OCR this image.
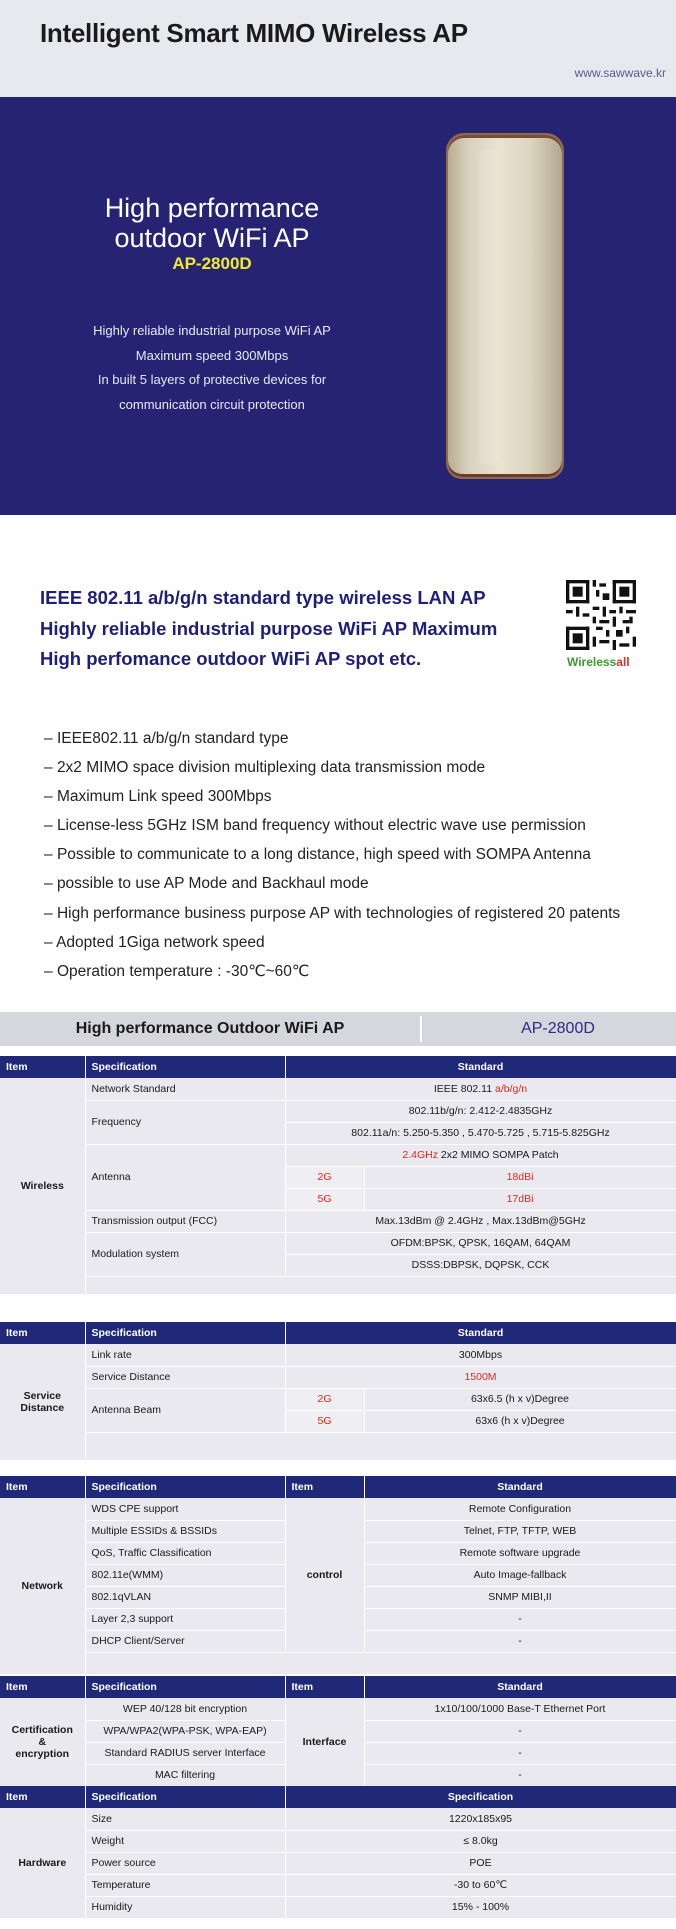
Intelligent Smart MIMO Wireless AP
www.sawwave.kr
High performance
outdoor WiFi AP
AP-2800D
Highly reliable industrial purpose WiFi AP
Maximum speed 300Mbps
In built 5 layers of protective devices for
communication circuit protection
IEEE 802.11 a/b/g/n standard type wireless LAN AP
Highly reliable industrial purpose WiFi AP Maximum
High perfomance outdoor WiFi AP spot etc.	Wirelessall
– IEEE802.11 a/b/g/n standard type
– 2x2 MIMO space division multiplexing data transmission mode
– Maximum Link speed 300Mbps
– License-less 5GHz ISM band frequency without electric wave use permission
– Possible to communicate to a long distance, high speed with SOMPA Antenna
– possible to use AP Mode and Backhaul mode
– High performance business purpose AP with technologies of registered 20 patents
– Adopted 1Giga network speed
– Operation temperature : -30℃~60℃
High performance Outdoor WiFi AP	AP-2800D
Item	Specification	Standard	
Wireless	Network Standard	IEEE 802.11 a/b/g/n	
	Frequency	802.11b/g/n: 2.412-2.4835GHz	
		802.11a/n: 5.250-5.350 , 5.470-5.725 , 5.715-5.825GHz	
	Antenna	2.4GHz 2x2 MIMO SOMPA Patch	
		2G	18dBi
		5G	17dBi
	Transmission output (FCC)	Max.13dBm @ 2.4GHz , Max.13dBm@5GHz	
	Modulation system	OFDM:BPSK, QPSK, 16QAM, 64QAM	
		DSSS:DBPSK, DQPSK, CCK	

Item	Specification	Standard	

Service
Distance	Link rate	300Mbps	
	Service Distance	1500M	
	Antenna Beam	2G	63x6.5 (h x v)Degree
		5G	63x6 (h x v)Degree

Item	Specification	Item	Standard
Network	WDS CPE support	control	Remote Configuration
	Multiple ESSIDs & BSSIDs		Telnet, FTP, TFTP, WEB
	QoS, Traffic Classification		Remote software upgrade
	802.11e(WMM)		Auto Image-fallback
	802.1qVLAN		SNMP MIBI,II
	Layer 2,3 support		-
	DHCP Client/Server		-

Item	Specification	Item	Standard

Certification
&
encryption	WEP 40/128 bit encryption	Interface	1x10/100/1000 Base-T Ethernet Port
	WPA/WPA2(WPA-PSK, WPA-EAP)		-
	Standard RADIUS server Interface		-
	MAC filtering		-
Item	Specification	Specification
Hardware	Size	1220x185x95
	Weight	≤ 8.0kg
	Power source	POE
	Temperature	-30 to 60℃
	Humidity	15% - 100%
